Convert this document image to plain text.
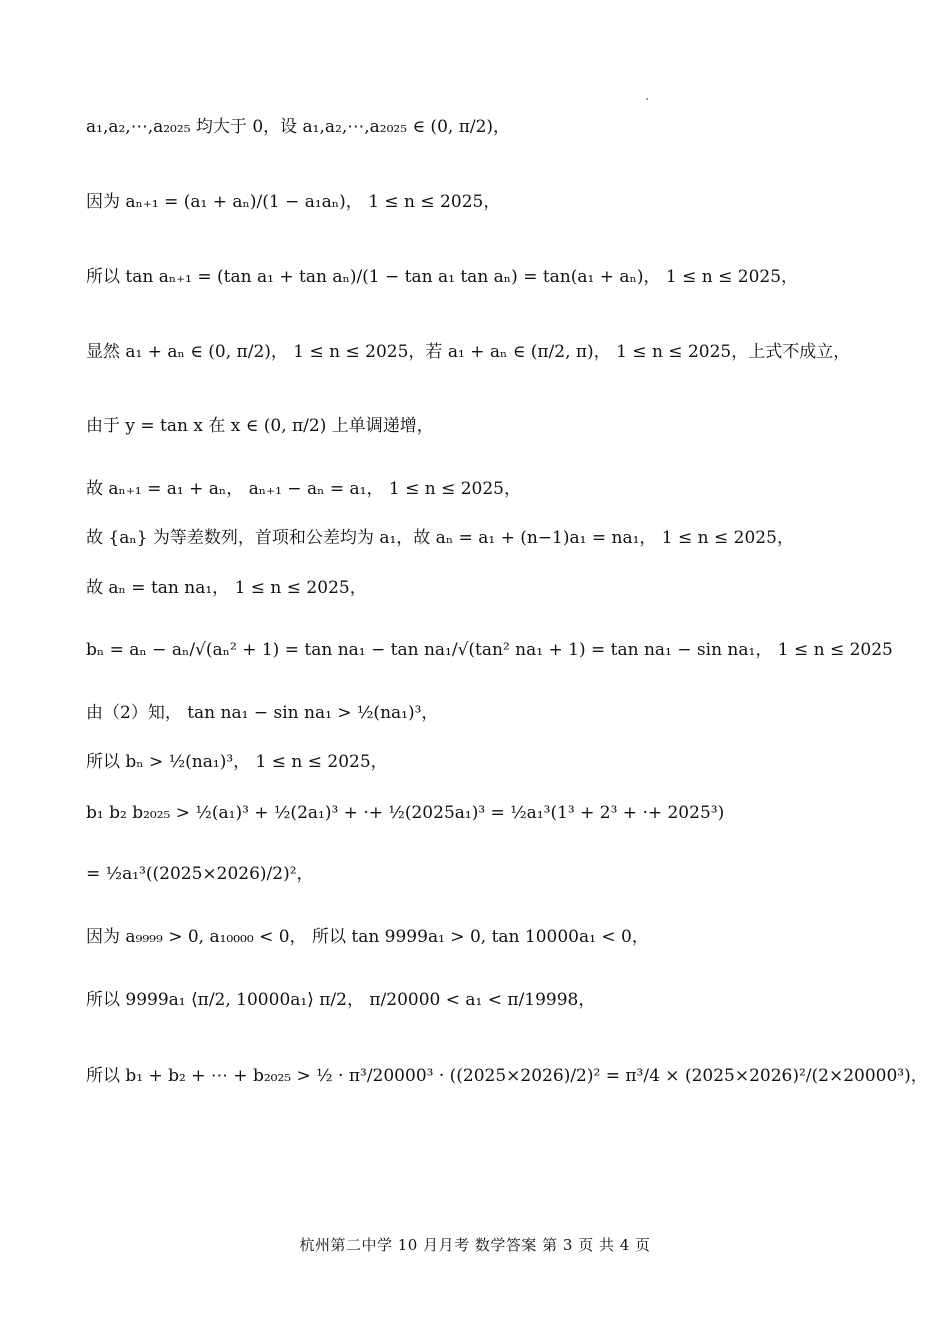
a₁,a₂,⋯,a₂₀₂₅ 均大于 0，设 a₁,a₂,⋯,a₂₀₂₅ ∈ (0, π/2)，
因为 aₙ₊₁ = (a₁ + aₙ)/(1 − a₁aₙ)， 1 ≤ n ≤ 2025，
所以 tan aₙ₊₁ = (tan a₁ + tan aₙ)/(1 − tan a₁ tan aₙ) = tan(a₁ + aₙ)， 1 ≤ n ≤ 2025，
显然 a₁ + aₙ ∈ (0, π/2)， 1 ≤ n ≤ 2025，若 a₁ + aₙ ∈ (π/2, π)， 1 ≤ n ≤ 2025，上式不成立，
由于 y = tan x 在 x ∈ (0, π/2) 上单调递增，
故 aₙ₊₁ = a₁ + aₙ， aₙ₊₁ − aₙ = a₁， 1 ≤ n ≤ 2025，
故 {aₙ} 为等差数列，首项和公差均为 a₁，故 aₙ = a₁ + (n−1)a₁ = na₁， 1 ≤ n ≤ 2025，
故 aₙ = tan na₁， 1 ≤ n ≤ 2025，
bₙ = aₙ − aₙ/√(aₙ² + 1) = tan na₁ − tan na₁/√(tan² na₁ + 1) = tan na₁ − sin na₁， 1 ≤ n ≤ 2025
由（2）知， tan na₁ − sin na₁ > ½(na₁)³，
所以 bₙ > ½(na₁)³， 1 ≤ n ≤ 2025，
b₁ b₂ b₂₀₂₅ > ½(a₁)³ + ½(2a₁)³ + ·+ ½(2025a₁)³ = ½a₁³(1³ + 2³ + ·+ 2025³)
= ½a₁³((2025×2026)/2)²，
因为 a₉₉₉₉ > 0, a₁₀₀₀₀ < 0， 所以 tan 9999a₁ > 0, tan 10000a₁ < 0，
所以 9999a₁ ⟨π/2, 10000a₁⟩ π/2， π/20000 < a₁ < π/19998，
所以 b₁ + b₂ + ⋯ + b₂₀₂₅ > ½ · π³/20000³ · ((2025×2026)/2)² = π³/4 × (2025×2026)²/(2×20000³)，
杭州第二中学 10 月月考 数学答案 第 3 页 共 4 页
